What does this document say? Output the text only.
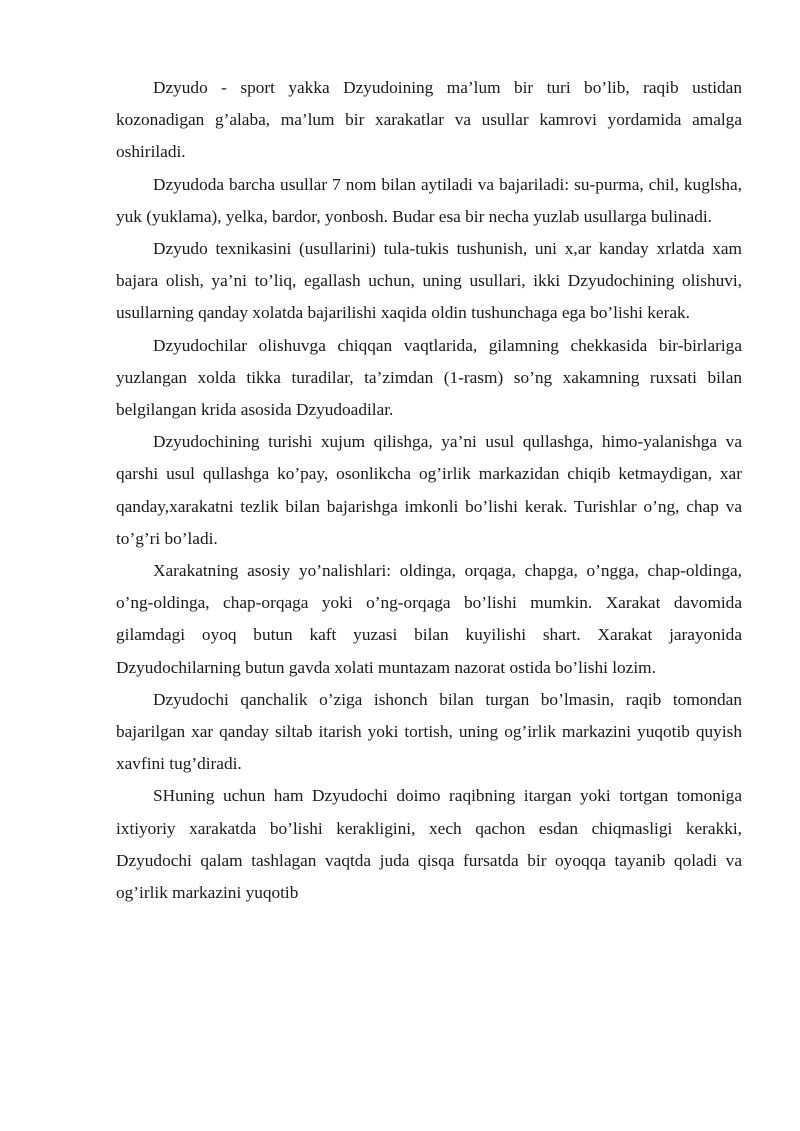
Dzyudo - sport yakka Dzyudoining ma’lum bir turi bo’lib, raqib ustidan kozonadigan g’alaba, ma’lum bir xarakatlar va usullar kamrovi yordamida amalga oshiriladi.

Dzyudoda barcha usullar 7 nom bilan aytiladi va bajariladi: su-purma, chil, kuglsha, yuk (yuklama), yelka, bardor, yonbosh. Budar esa bir necha yuzlab usullarga bulinadi.

Dzyudo texnikasini (usullarini) tula-tukis tushunish, uni x,ar kanday xrlatda xam bajara olish, ya’ni to’liq, egallash uchun, uning usullari, ikki Dzyudochining olishuvi, usullarning qanday xolatda bajarilishi xaqida oldin tushunchaga ega bo’lishi kerak.

Dzyudochilar olishuvga chiqqan vaqtlarida, gilamning chekkasida bir-birlariga yuzlangan xolda tikka turadilar, ta’zimdan (1-rasm) so’ng xakamning ruxsati bilan belgilangan krida asosida Dzyudoadilar.

Dzyudochining turishi xujum qilishga, ya’ni usul qullashga, himo-yalanishga va qarshi usul qullashga ko’pay, osonlikcha og’irlik markazidan chiqib ketmaydigan, xar qanday,xarakatni tezlik bilan bajarishga imkonli bo’lishi kerak. Turishlar o’ng, chap va to’g’ri bo’ladi.

Xarakatning asosiy yo’nalishlari: oldinga, orqaga, chapga, o’ngga, chap-oldinga, o’ng-oldinga, chap-orqaga yoki o’ng-orqaga bo’lishi mumkin. Xarakat davomida gilamdagi oyoq butun kaft yuzasi bilan kuyilishi shart. Xarakat jarayonida Dzyudochilarning butun gavda xolati muntazam nazorat ostida bo’lishi lozim.

Dzyudochi qanchalik o’ziga ishonch bilan turgan bo’lmasin, raqib tomondan bajarilgan xar qanday siltab itarish yoki tortish, uning og’irlik markazini yuqotib quyish xavfini tug’diradi.

SHuning uchun ham Dzyudochi doimo raqibning itargan yoki tortgan tomoniga ixtiyoriy xarakatda bo’lishi kerakligini, xech qachon esdan chiqmasligi kerakki, Dzyudochi qalam tashlagan vaqtda juda qisqa fursatda bir oyoqqa tayanib qoladi va og’irlik markazini yuqotib
